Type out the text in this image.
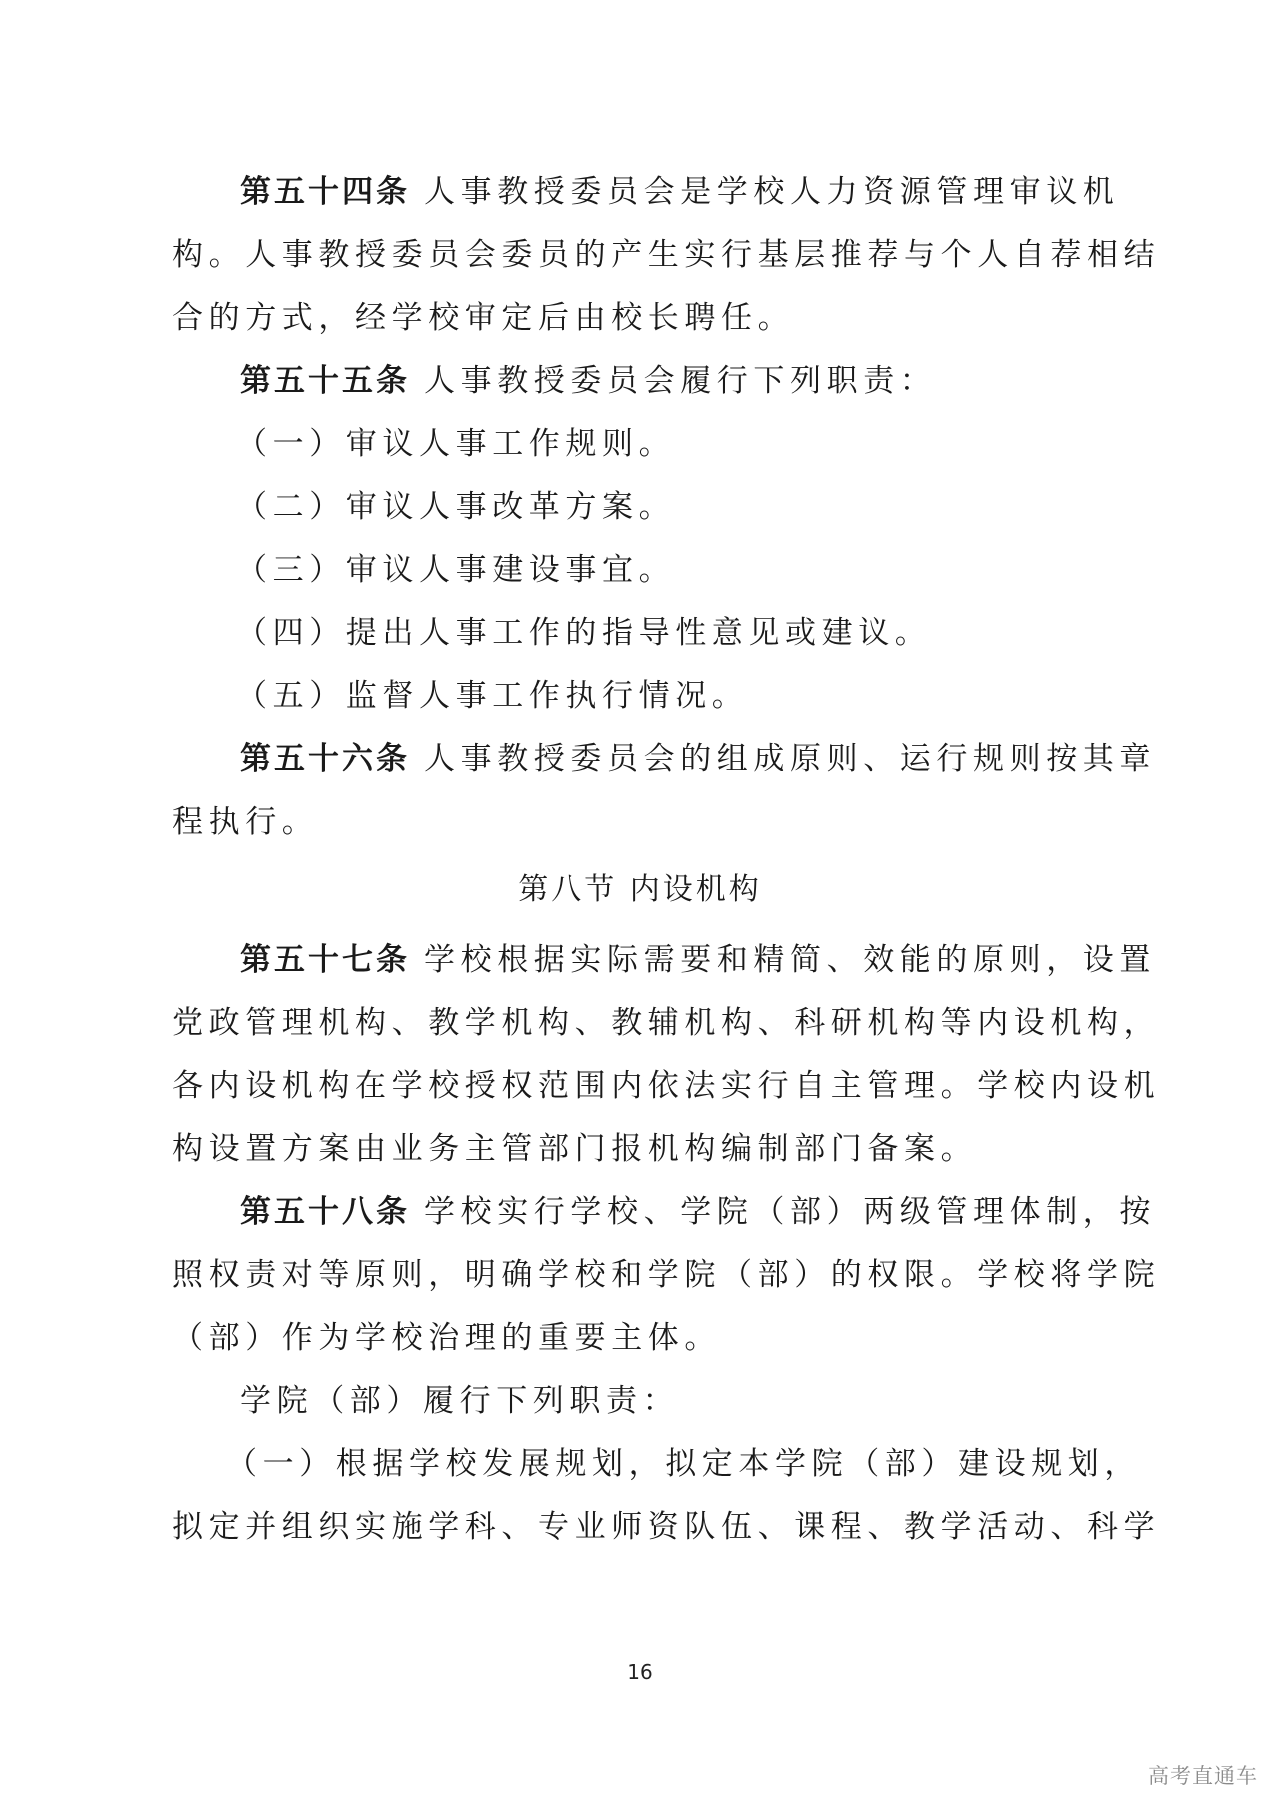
第五十四条 人事教授委员会是学校人力资源管理审议机
构。人事教授委员会委员的产生实行基层推荐与个人自荐相结
合的方式，经学校审定后由校长聘任。
第五十五条 人事教授委员会履行下列职责：
（一）审议人事工作规则。
（二）审议人事改革方案。
（三）审议人事建设事宜。
（四）提出人事工作的指导性意见或建议。
（五）监督人事工作执行情况。
第五十六条 人事教授委员会的组成原则、运行规则按其章
程执行。
第八节 内设机构
第五十七条 学校根据实际需要和精简、效能的原则，设置
党政管理机构、教学机构、教辅机构、科研机构等内设机构，
各内设机构在学校授权范围内依法实行自主管理。学校内设机
构设置方案由业务主管部门报机构编制部门备案。
第五十八条 学校实行学校、学院（部）两级管理体制，按
照权责对等原则，明确学校和学院（部）的权限。学校将学院
（部）作为学校治理的重要主体。
学院（部）履行下列职责：
（一）根据学校发展规划，拟定本学院（部）建设规划，
拟定并组织实施学科、专业师资队伍、课程、教学活动、科学
16
高考直通车
